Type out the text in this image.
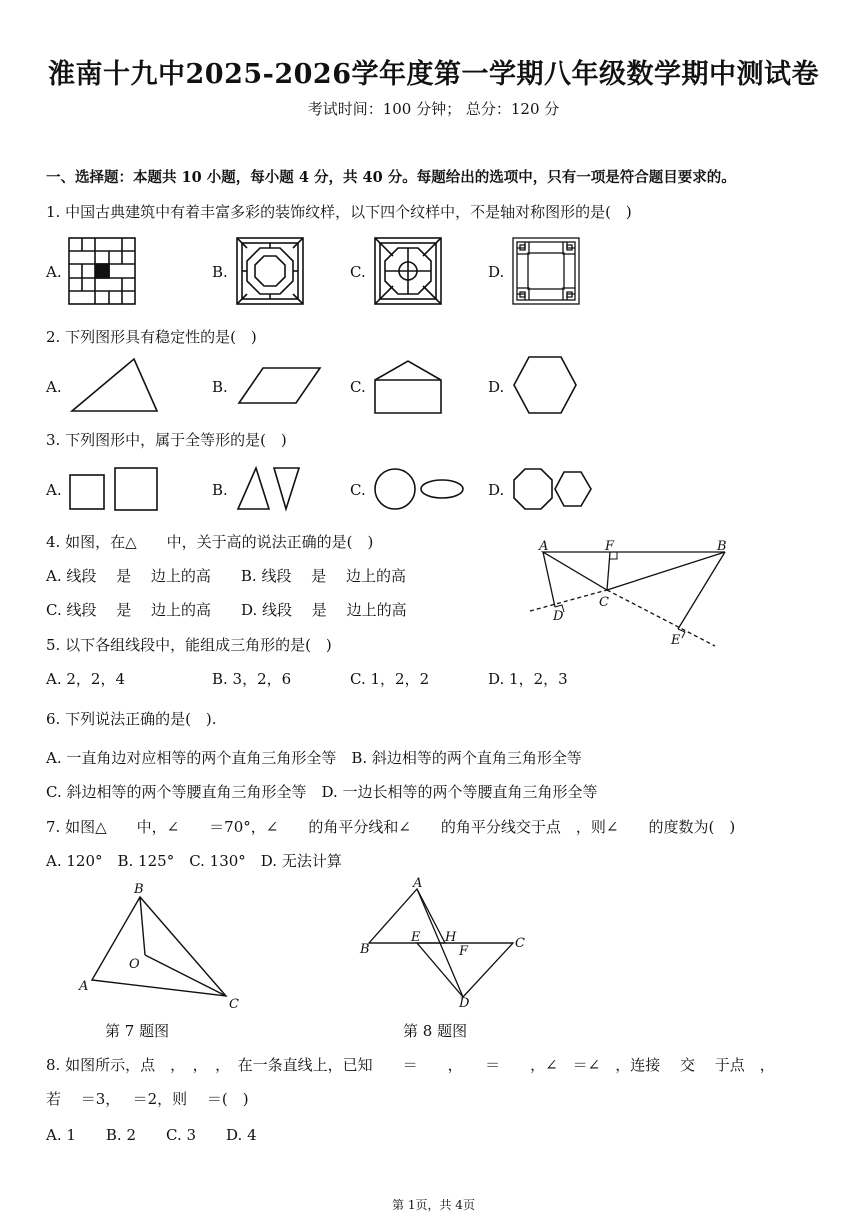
淮南十九中2025-2026学年度第一学期八年级数学期中测试卷
考试时间：100 分钟； 总分：120 分
一、选择题：本题共 10 小题，每小题 4 分，共 40 分。每题给出的选项中，只有一项是符合题目要求的。
1. 中国古典建筑中有着丰富多彩的装饰纹样，以下四个纹样中，不是轴对称图形的是(　)
A.	B.	C.	D.
2. 下列图形具有稳定性的是(　)
A.	B.	C.	D.
3. 下列图形中，属于全等形的是(　)
A.	B.	C.	D.
4. 如图，在△　　中，关于高的说法正确的是(　)
A. 线段　 是　 边上的高　　B. 线段　 是　 边上的高
C. 线段　 是　 边上的高　　D. 线段　 是　 边上的高
A	F	B
C
D
E
5. 以下各组线段中，能组成三角形的是(　)
A. 2，2，4	B. 3，2，6	C. 1，2，2	D. 1，2，3
6. 下列说法正确的是(　).
A. 一直角边对应相等的两个直角三角形全等　B. 斜边相等的两个直角三角形全等
C. 斜边相等的两个等腰直角三角形全等　D. 一边长相等的两个等腰直角三角形全等
7. 如图△　　中，∠　　＝70°，∠　　的角平分线和∠　　的角平分线交于点　，则∠　　的度数为(　)
A. 120°　B. 125°　C. 130°　D. 无法计算
B
O
A
C
第 7 题图
A
B
E H
F
C
D
第 8 题图
8. 如图所示，点　，　，　，　在一条直线上，已知　　＝　　，　　＝　　，∠　＝∠　，连接　 交　 于点　，
若　 ＝3，　 ＝2，则　 ＝(　)
A. 1　　B. 2　　C. 3　　D. 4
第 1页，共 4页
